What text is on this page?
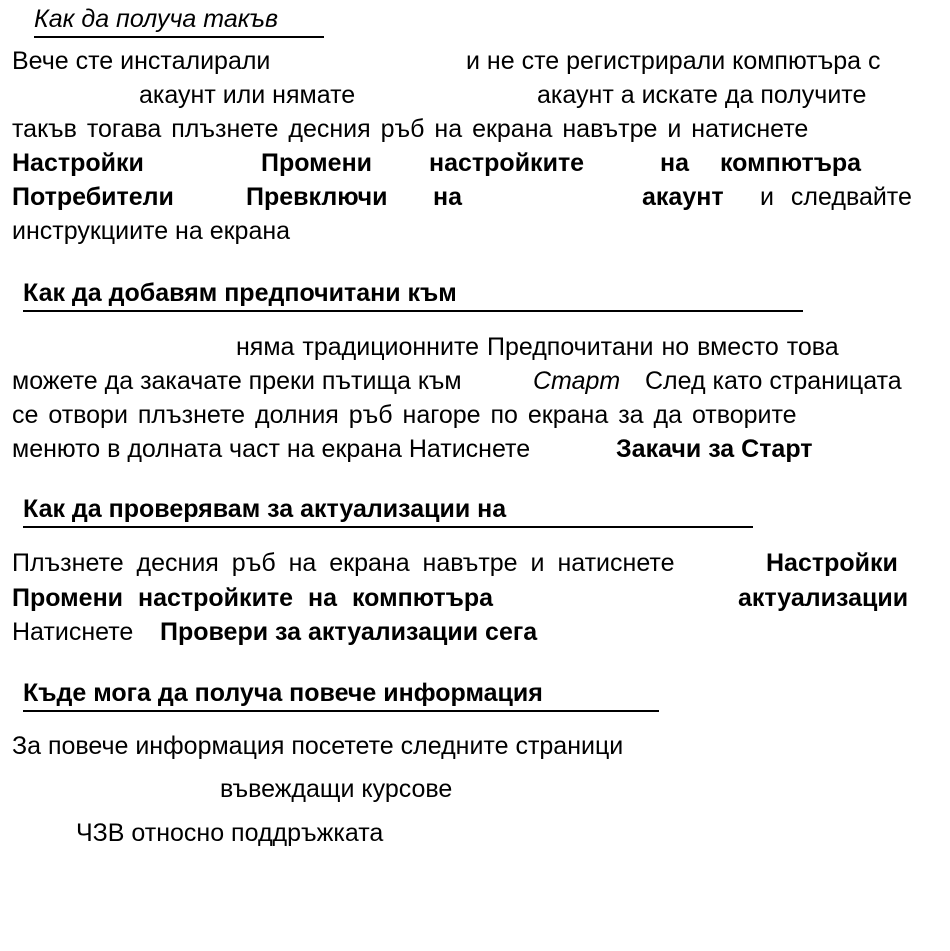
Как да получа такъв
Вече сте инсталирали	и не сте регистрирали компютъра с
акаунт или нямате	акаунт а искате да получите
такъв тогава плъзнете десния ръб на екрана навътре и натиснете
Настройки	Промени настройките	на компютъра
Потребители	Превключи на	акаунт и следвайте
инструкциите на екрана
Как да добавям предпочитани към
няма традиционните Предпочитани но вместо това
можете да закачате преки пътища към	Старт След като страницата
се отвори плъзнете долния ръб нагоре по екрана за да отворите
менюто в долната част на екрана Натиснете	Закачи за Старт
Как да проверявам за актуализации на
Плъзнете десния ръб на екрана навътре и натиснете	Настройки
Промени настройките на компютъра	актуализации
Натиснете Провери за актуализации сега
Къде мога да получа повече информация
За повече информация посетете следните страници
въвеждащи курсове
ЧЗВ относно поддръжката
